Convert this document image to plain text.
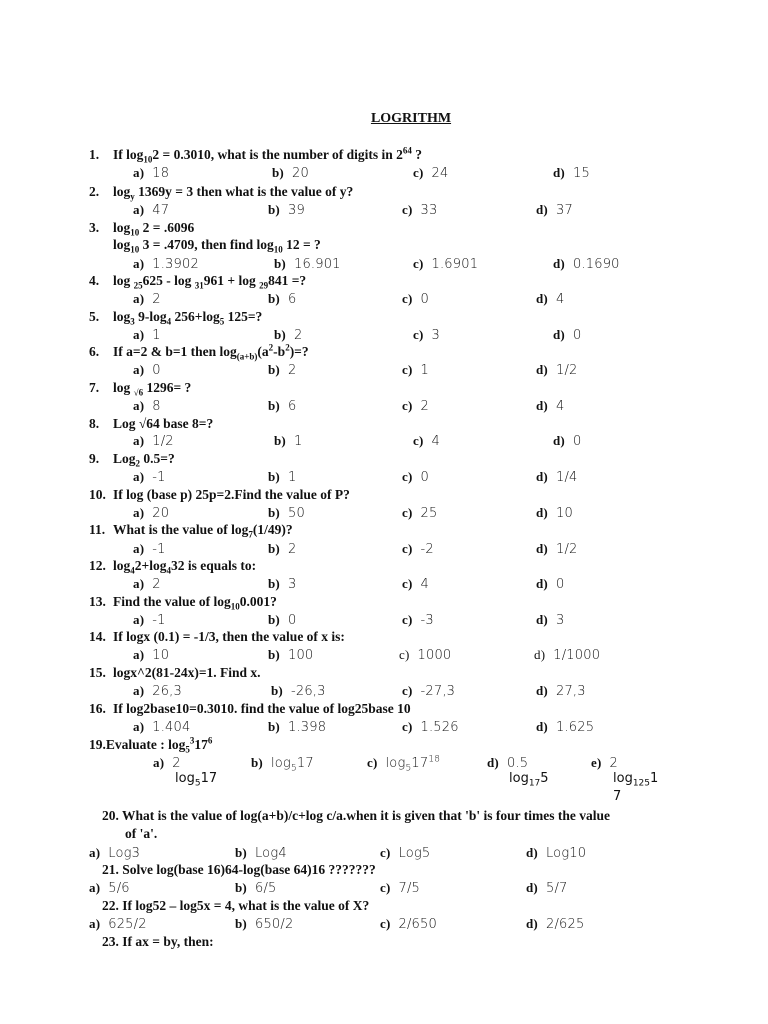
LOGRITHM
1. If $\log_{10}2 = 0.3010$, what is the number of digits in $2^{64}$ ?
a) 18	b) 20	c) 24	d) 15
2. $\log_y 1369y = 3$ then what is the value of y?
a) 47	b) 39	c) 33	d) 37
3. $\log_{10} 2 = .6096$
$\log_{10} 3 = .4709$, then find $\log_{10} 12$ = ?
a) 1.3902	b) 16.901	c) 1.6901	d) 0.1690
4. log $_{25}$625 - log $_{31}$961 + log $_{29}$841 =?
a) 2	b) 6	c) 0	d) 4
5. $\log_3 9-\log_4$ $256+\log_5$ 125=?
a) 1	b) 2	c) 3	d) 0
6. If a=2 & b=1 then $\log_{(a+b)}(a^2-b^2)=$?
a) 0	b) 2	c) 1	d) 1/2
7. log $_{√6}$ 1296= ?
a) 8	b) 6	c) 2	d) 4
8. Log √64 base 8=?
a) 1/2	b) 1	c) 4	d) 0
9. Log$_2$ 0.5=?
a) -1	b) 1	c) 0	d) 1/4
10. If log (base p) 25p=2.Find the value of P?
a) 20	b) 50	c) 25	d) 10
11. What is the value of $\log_7(1/49)$?
a) -1	b) 2	c) -2	d) 1/2
12. $\log_42+\log_432$ is equals to:
a) 2	b) 3	c) 4	d) 0
13. Find the value of $\log_{10}0.001$?
a) -1	b) 0	c) -3	d) 3
14. If logx (0.1) = -1/3, then the value of x is:
a) 10	b) 100	c) 1000	d) 1/1000
15. logx^2(81-24x)=1. Find x.
a) 26,3	b) -26,3	c) -27,3	d) 27,3
16. If log2base10=0.3010. find the value of log25base 10
a) 1.404	b) 1.398	c) 1.526	d) 1.625
19.Evaluate : $\log_5^317^6$
a) 2
$\log_517$
b) $\log_517$	c) $\log_517^{18}$	d) 0.5
$\log_{17}5$
e) 2
$\log_{125}1$
7
20. What is the value of log(a+b)/c+log c/a.when it is given that 'b' is four times the value
of 'a'.
a) Log3	b) Log4	c) Log5	d) Log10
21. Solve log(base 16)64-log(base 64)16 ???????
a) 5/6	b) 6/5	c) 7/5	d) 5/7
22. If log52 – log5x = 4, what is the value of X?
a) 625/2	b) 650/2	c) 2/650	d) 2/625
23. If ax = by, then:
